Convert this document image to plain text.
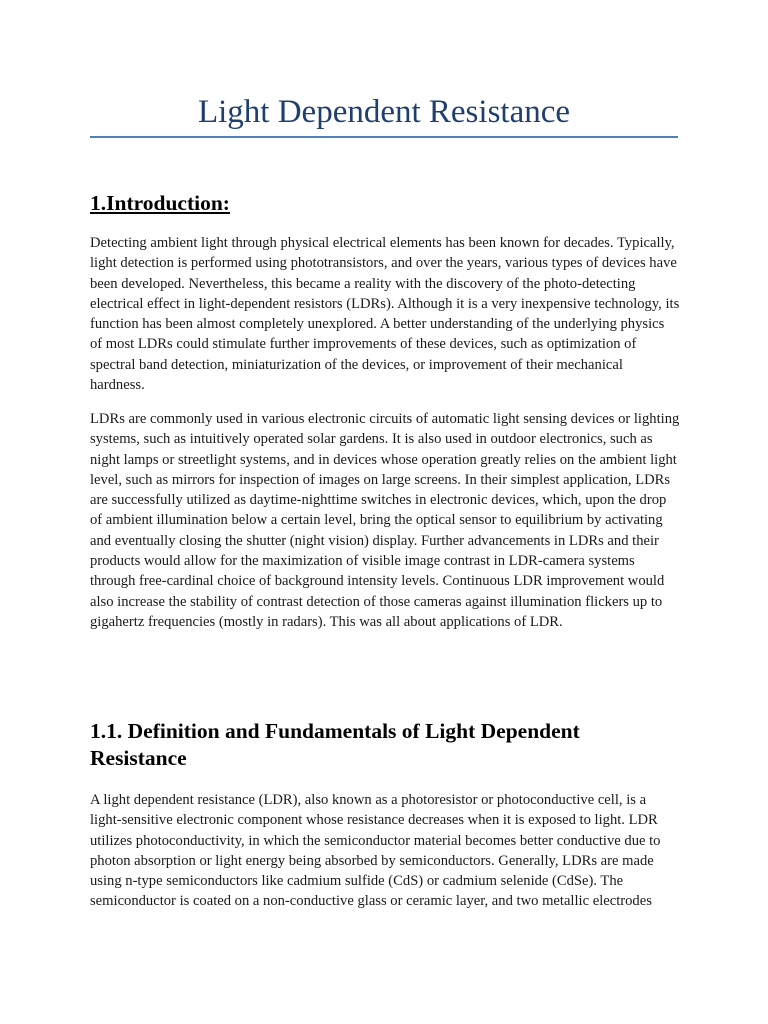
Light Dependent Resistance
1.Introduction:

Detecting ambient light through physical electrical elements has been known for decades. Typically, light detection is performed using phototransistors, and over the years, various types of devices have been developed. Nevertheless, this became a reality with the discovery of the photo-detecting electrical effect in light-dependent resistors (LDRs). Although it is a very inexpensive technology, its function has been almost completely unexplored. A better understanding of the underlying physics of most LDRs could stimulate further improvements of these devices, such as optimization of spectral band detection, miniaturization of the devices, or improvement of their mechanical hardness.

LDRs are commonly used in various electronic circuits of automatic light sensing devices or lighting systems, such as intuitively operated solar gardens. It is also used in outdoor electronics, such as night lamps or streetlight systems, and in devices whose operation greatly relies on the ambient light level, such as mirrors for inspection of images on large screens. In their simplest application, LDRs are successfully utilized as daytime-nighttime switches in electronic devices, which, upon the drop of ambient illumination below a certain level, bring the optical sensor to equilibrium by activating and eventually closing the shutter (night vision) display. Further advancements in LDRs and their products would allow for the maximization of visible image contrast in LDR-camera systems through free-cardinal choice of background intensity levels. Continuous LDR improvement would also increase the stability of contrast detection of those cameras against illumination flickers up to gigahertz frequencies (mostly in radars). This was all about applications of LDR.

1.1. Definition and Fundamentals of Light Dependent Resistance

A light dependent resistance (LDR), also known as a photoresistor or photoconductive cell, is a light-sensitive electronic component whose resistance decreases when it is exposed to light. LDR utilizes photoconductivity, in which the semiconductor material becomes better conductive due to photon absorption or light energy being absorbed by semiconductors. Generally, LDRs are made using n-type semiconductors like cadmium sulfide (CdS) or cadmium selenide (CdSe). The semiconductor is coated on a non-conductive glass or ceramic layer, and two metallic electrodes
